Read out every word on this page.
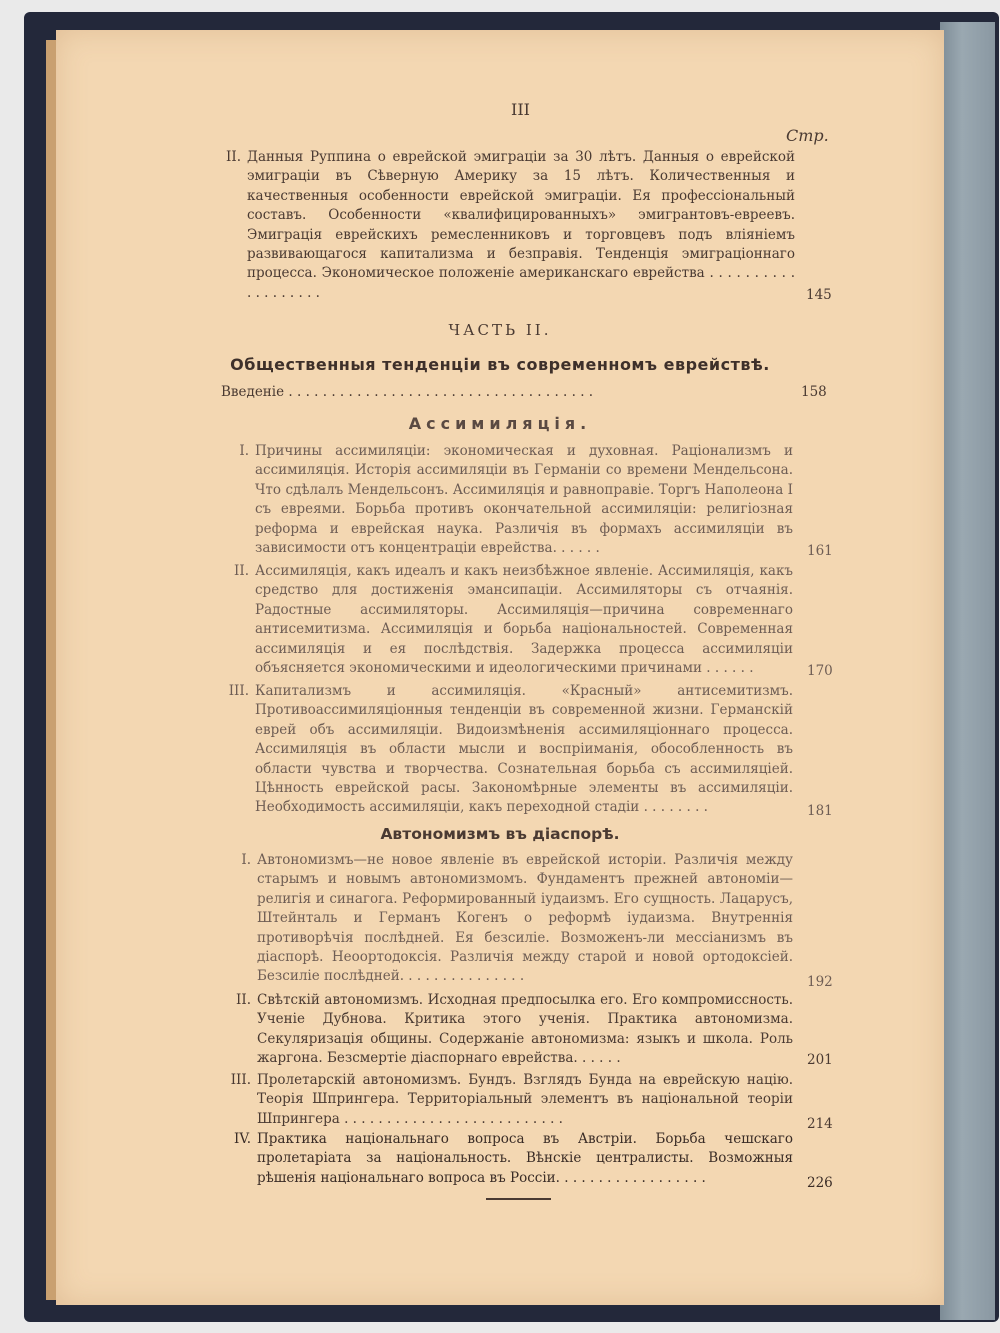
III
Стр.
II. Данныя Руппина о еврейской эмиграціи за 30 лѣтъ. Данныя о еврейской эмиграціи въ Сѣверную Америку за 15 лѣтъ. Количественныя и качественныя особенности еврейской эмиграціи. Ея профессіональный составъ. Особенности «квалифицированныхъ» эмигрантовъ-евреевъ. Эмиграція еврейскихъ ремесленниковъ и торговцевъ подъ вліяніемъ развивающагося капитализма и безправія. Тенденція эмиграціоннаго процесса. Экономическое положеніе американскаго еврейства . . . . . . . . . . . . . . . . . . .	145
ЧАСТЬ II.
Общественныя тенденціи въ современномъ еврействѣ.
Введеніе . . . . . . . . . . . . . . . . . . . . . . . . . . . . . . . . . . . .	158
Ассимиляція.
I. Причины ассимиляціи: экономическая и духовная. Раціонализмъ и ассимиляція. Исторія ассимиляціи въ Германіи со времени Мендельсона. Что сдѣлалъ Мендельсонъ. Ассимиляція и равноправіе. Торгъ Наполеона I съ евреями. Борьба противъ окончательной ассимиляціи: религіозная реформа и еврейская наука. Различія въ формахъ ассимиляціи въ зависимости отъ концентраціи еврейства. . . . . .	161
II. Ассимиляція, какъ идеалъ и какъ неизбѣжное явленіе. Ассимиляція, какъ средство для достиженія эмансипаціи. Ассимиляторы съ отчаянія. Радостные ассимиляторы. Ассимиляція—причина современнаго антисемитизма. Ассимиляція и борьба національностей. Современная ассимиляція и ея послѣдствія. Задержка процесса ассимиляціи объясняется экономическими и идеологическими причинами . . . . . .	170
III. Капитализмъ и ассимиляція. «Красный» антисемитизмъ. Противоассимиляціонныя тенденціи въ современной жизни. Германскій еврей объ ассимиляціи. Видоизмѣненія ассимиляціоннаго процесса. Ассимиляція въ области мысли и воспріиманія, обособленность въ области чувства и творчества. Сознательная борьба съ ассимиляціей. Цѣнность еврейской расы. Закономѣрные элементы въ ассимиляціи. Необходимость ассимиляціи, какъ переходной стадіи . . . . . . . .	181
Автономизмъ въ діаспорѣ.
I. Автономизмъ—не новое явленіе въ еврейской исторіи. Различія между старымъ и новымъ автономизмомъ. Фундаментъ прежней автономіи—религія и синагога. Реформированный іудаизмъ. Его сущность. Лацарусъ, Штейнталь и Германъ Когенъ о реформѣ іудаизма. Внутреннія противорѣчія послѣдней. Ея безсиліе. Возможенъ-ли мессіанизмъ въ діаспорѣ. Неоортодоксія. Различія между старой и новой ортодоксіей. Безсиліе послѣдней. . . . . . . . . . . . . . .	192
II. Свѣтскій автономизмъ. Исходная предпосылка его. Его компромиссность. Ученіе Дубнова. Критика этого ученія. Практика автономизма. Секуляризація общины. Содержаніе автономизма: языкъ и школа. Роль жаргона. Безсмертіе діаспорнаго еврейства. . . . . .	201
III. Пролетарскій автономизмъ. Бундъ. Взглядъ Бунда на еврейскую націю. Теорія Шпрингера. Территоріальный элементъ въ національной теоріи Шпрингера . . . . . . . . . . . . . . . . . . . . . . . . . .	214
IV. Практика національнаго вопроса въ Австріи. Борьба чешскаго пролетаріата за національность. Вѣнскіе централисты. Возможныя рѣшенія національнаго вопроса въ Россіи. . . . . . . . . . . . . . . . . .	226
